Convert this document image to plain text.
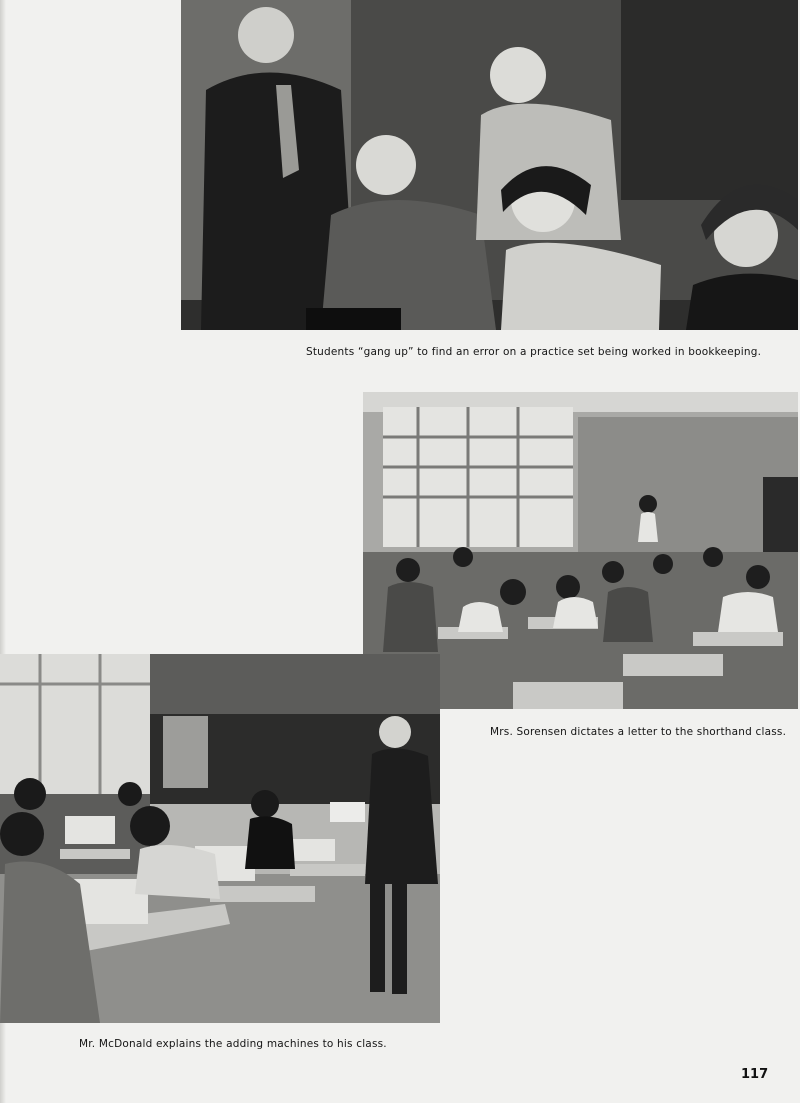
Students “gang up” to find an error on a practice set being worked in bookkeeping.
Mrs. Sorensen dictates a letter to the shorthand class.
Mr. McDonald explains the adding machines to his class.
117
